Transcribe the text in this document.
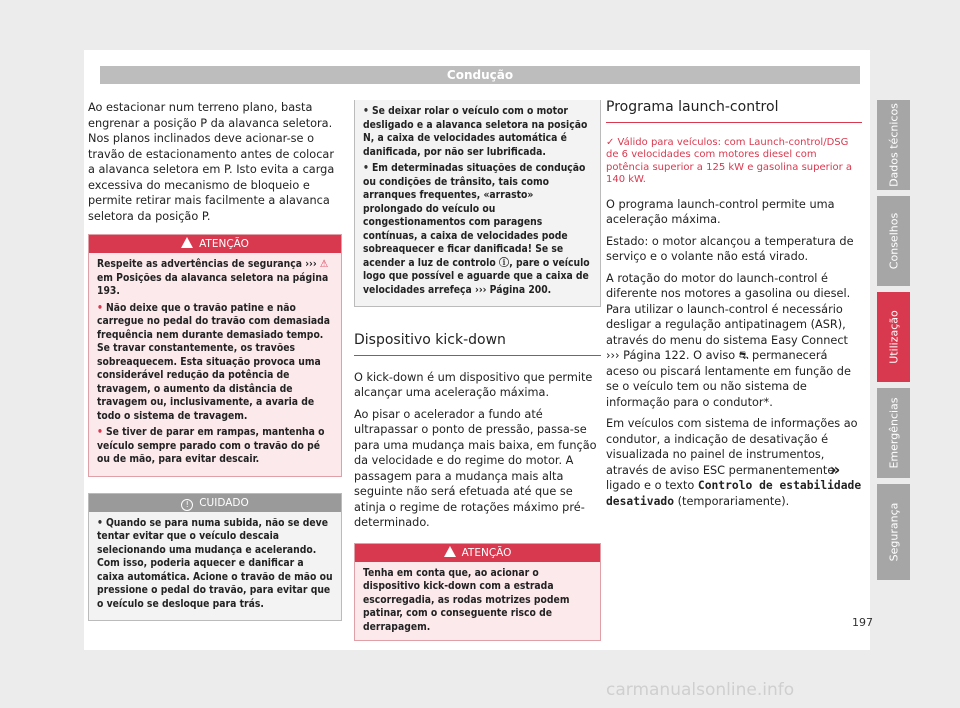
Condução

Ao estacionar num terreno plano, basta engrenar a posição P da alavanca seletora. Nos planos inclinados deve acionar-se o travão de estacionamento antes de colocar a alavanca seletora em P. Isto evita a carga excessiva do mecanismo de bloqueio e permite retirar mais facilmente a alavanca seletora da posição P.

ATENÇÃO

Respeite as advertências de segurança ››› ⚠
em Posições da alavanca seletora na página 193.

• Não deixe que o travão patine e não carregue no pedal do travão com demasiada frequência nem durante demasiado tempo. Se travar constantemente, os travões sobreaquecem. Esta situação provoca uma considerável redução da potência de travagem, o aumento da distância de travagem ou, inclusivamente, a avaria de todo o sistema de travagem.

• Se tiver de parar em rampas, mantenha o veículo sempre parado com o travão do pé ou de mão, para evitar descair.

! CUIDADO

• Quando se para numa subida, não se deve tentar evitar que o veículo descaia selecionando uma mudança e acelerando. Com isso, poderia aquecer e danificar a caixa automática. Acione o travão de mão ou pressione o pedal do travão, para evitar que o veículo se desloque para trás.

• Se deixar rolar o veículo com o motor desligado e a alavanca seletora na posição N, a caixa de velocidades automática é danificada, por não ser lubrificada.

• Em determinadas situações de condução ou condições de trânsito, tais como arranques frequentes, «arrasto» prolongado do veículo ou congestionamentos com paragens contínuas, a caixa de velocidades pode sobreaquecer e ficar danificada! Se se acender a luz de controlo ⓘ, pare o veículo logo que possível e aguarde que a caixa de velocidades arrefeça ››› Página 200.

Dispositivo kick-down

O kick-down é um dispositivo que permite alcançar uma aceleração máxima.

Ao pisar o acelerador a fundo até ultrapassar o ponto de pressão, passa-se para uma mudança mais baixa, em função da velocidade e do regime do motor. A passagem para a mudança mais alta seguinte não será efetuada até que se atinja o regime de rotações máximo pré-determinado.

ATENÇÃO
Tenha em conta que, ao acionar o dispositivo kick-down com a estrada escorregadia, as rodas motrizes podem patinar, com o conseguente risco de derrapagem.
Programa launch-control
✓ Válido para veículos: com Launch-control/DSG de 6 velocidades com motores diesel com potência superior a 125 kW e gasolina superior a 140 kW.

O programa launch-control permite uma aceleração máxima.

Estado: o motor alcançou a temperatura de serviço e o volante não está virado.

A rotação do motor do launch-control é diferente nos motores a gasolina ou diesel. Para utilizar o launch-control é necessário desligar a regulação antipatinagem (ASR), através do menu do sistema Easy Connect ››› Página 122. O aviso ⛐ permanecerá aceso ou piscará lentamente em função de se o veículo tem ou não sistema de informação para o condutor*.

Em veículos com sistema de informações ao condutor, a indicação de desativação é visualizada no painel de instrumentos, através de aviso ESC permanentemente ligado e o texto Controlo de estabilidade desativado (temporariamente).

»
Dados técnicos
Conselhos
Utilização
Emergências
Segurança
197
carmanualsonline.info
